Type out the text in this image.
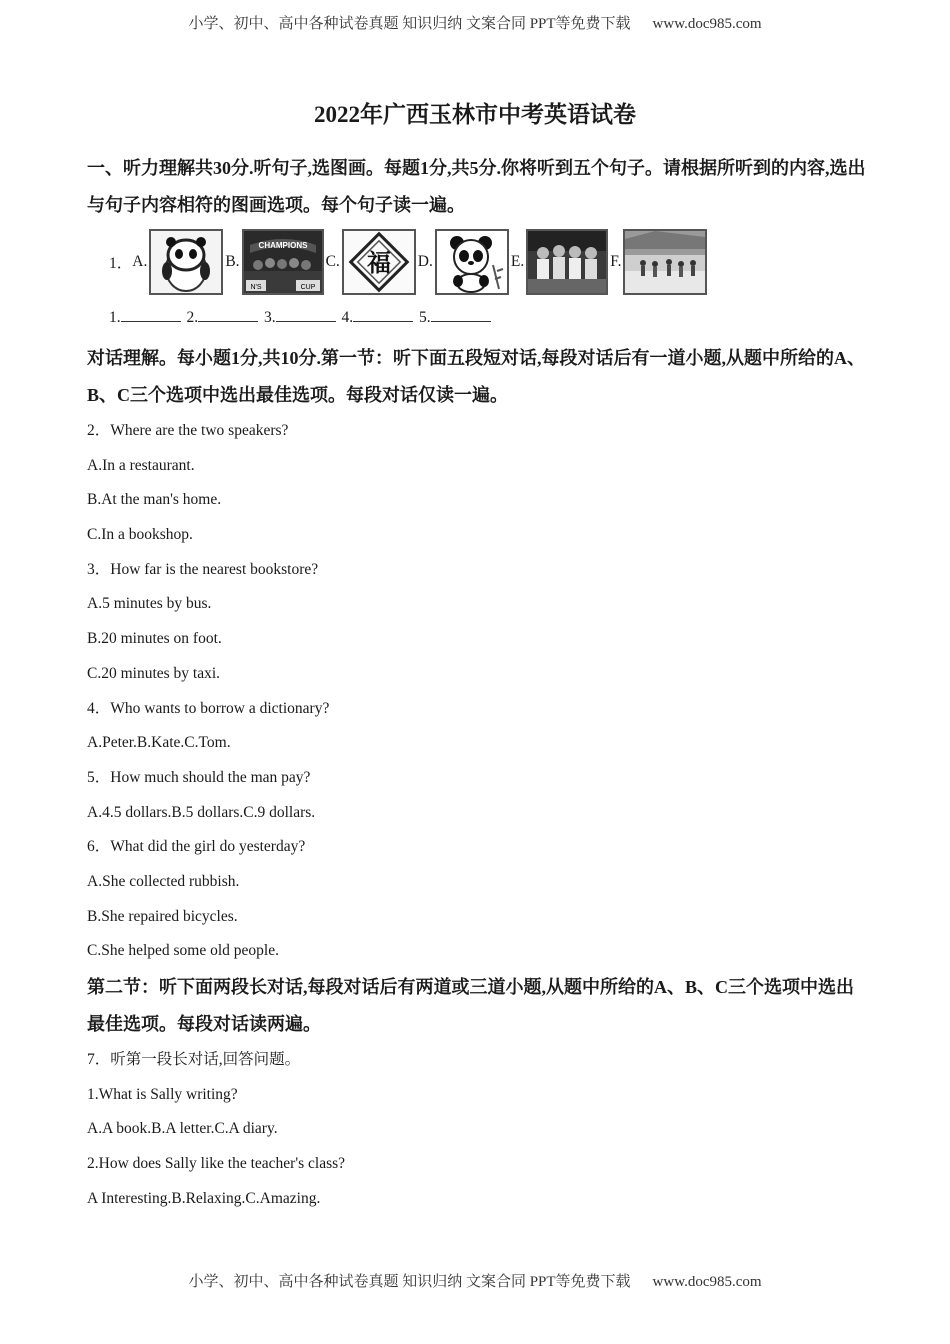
小学、初中、高中各种试卷真题 知识归纳 文案合同 PPT等免费下载 www.doc985.com
2022年广西玉林市中考英语试卷

一、听力理解共30分.听句子,选图画。每题1分,共5分.你将听到五个句子。请根据所听到的内容,选出与句子内容相符的图画选项。每个句子读一遍。

1． A.	B.
CHAMPIONS
N'S	CUP
C. 福 D.	E.	F.
1.	2.	3.	4.	5.

对话理解。每小题1分,共10分.第一节：听下面五段短对话,每段对话后有一道小题,从题中所给的A、B、C三个选项中选出最佳选项。每段对话仅读一遍。

2．Where are the two speakers?
A.In a restaurant.
B.At the man's home.
C.In a bookshop.
3．How far is the nearest bookstore?
A.5 minutes by bus.
B.20 minutes on foot.
C.20 minutes by taxi.
4．Who wants to borrow a dictionary?
A.Peter.B.Kate.C.Tom.
5．How much should the man pay?
A.4.5 dollars.B.5 dollars.C.9 dollars.
6．What did the girl do yesterday?
A.She collected rubbish.
B.She repaired bicycles.
C.She helped some old people.

第二节：听下面两段长对话,每段对话后有两道或三道小题,从题中所给的A、B、C三个选项中选出最佳选项。每段对话读两遍。

7．听第一段长对话,回答问题。
1.What is Sally writing?
A.A book.B.A letter.C.A diary.
2.How does Sally like the teacher's class?
A Interesting.B.Relaxing.C.Amazing.
小学、初中、高中各种试卷真题 知识归纳 文案合同 PPT等免费下载 www.doc985.com
